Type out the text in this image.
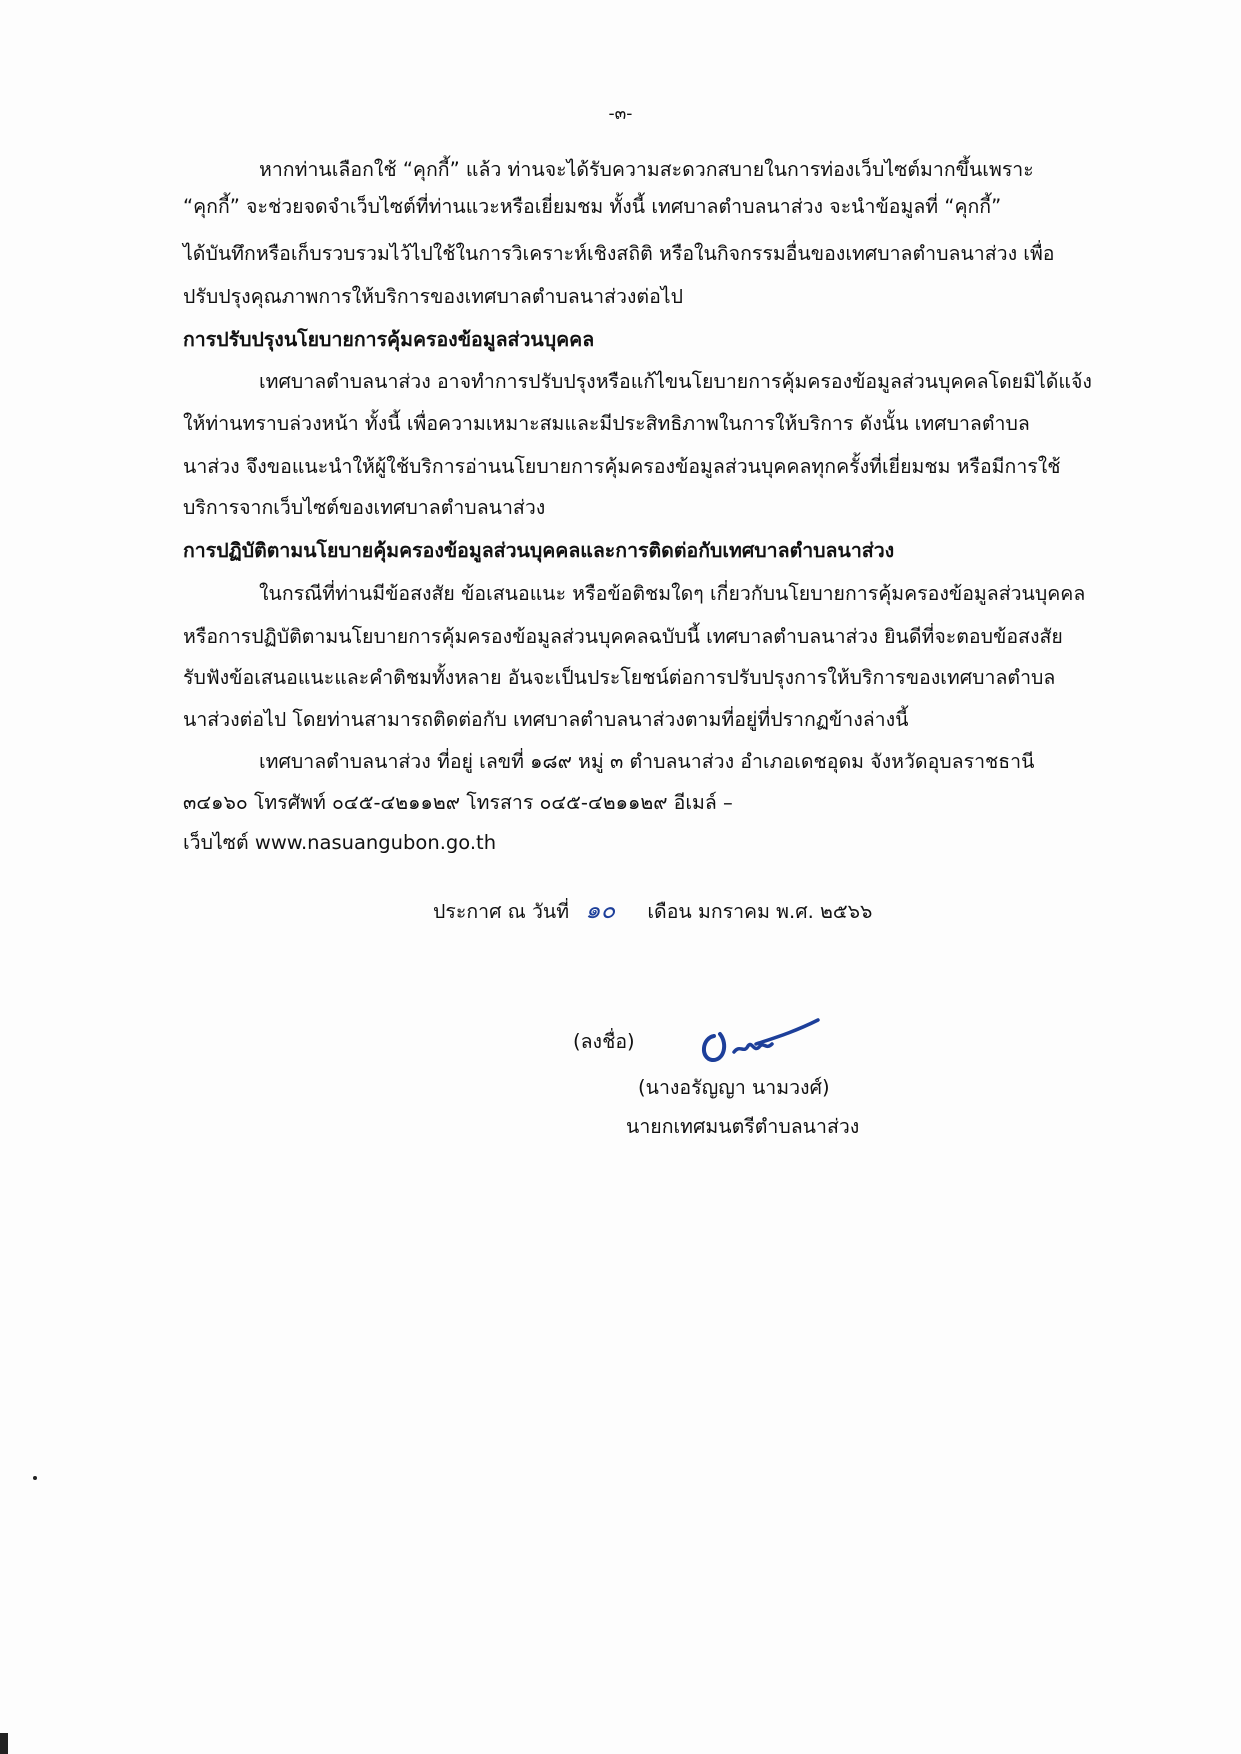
-๓-
หากท่านเลือกใช้ “คุกกี้” แล้ว ท่านจะได้รับความสะดวกสบายในการท่องเว็บไซต์มากขึ้นเพราะ
“คุกกี้” จะช่วยจดจำเว็บไซต์ที่ท่านแวะหรือเยี่ยมชม ทั้งนี้ เทศบาลตำบลนาส่วง จะนำข้อมูลที่ “คุกกี้”
ได้บันทึกหรือเก็บรวบรวมไว้ไปใช้ในการวิเคราะห์เชิงสถิติ หรือในกิจกรรมอื่นของเทศบาลตำบลนาส่วง เพื่อ
ปรับปรุงคุณภาพการให้บริการของเทศบาลตำบลนาส่วงต่อไป
การปรับปรุงนโยบายการคุ้มครองข้อมูลส่วนบุคคล
เทศบาลตำบลนาส่วง อาจทำการปรับปรุงหรือแก้ไขนโยบายการคุ้มครองข้อมูลส่วนบุคคลโดยมิได้แจ้ง
ให้ท่านทราบล่วงหน้า ทั้งนี้ เพื่อความเหมาะสมและมีประสิทธิภาพในการให้บริการ ดังนั้น เทศบาลตำบล
นาส่วง จึงขอแนะนำให้ผู้ใช้บริการอ่านนโยบายการคุ้มครองข้อมูลส่วนบุคคลทุกครั้งที่เยี่ยมชม หรือมีการใช้
บริการจากเว็บไซต์ของเทศบาลตำบลนาส่วง
การปฏิบัติตามนโยบายคุ้มครองข้อมูลส่วนบุคคลและการติดต่อกับเทศบาลตำบลนาส่วง
ในกรณีที่ท่านมีข้อสงสัย ข้อเสนอแนะ หรือข้อติชมใดๆ เกี่ยวกับนโยบายการคุ้มครองข้อมูลส่วนบุคคล
หรือการปฏิบัติตามนโยบายการคุ้มครองข้อมูลส่วนบุคคลฉบับนี้ เทศบาลตำบลนาส่วง ยินดีที่จะตอบข้อสงสัย
รับฟังข้อเสนอแนะและคำติชมทั้งหลาย อันจะเป็นประโยชน์ต่อการปรับปรุงการให้บริการของเทศบาลตำบล
นาส่วงต่อไป โดยท่านสามารถติดต่อกับ เทศบาลตำบลนาส่วงตามที่อยู่ที่ปรากฏข้างล่างนี้
เทศบาลตำบลนาส่วง ที่อยู่ เลขที่ ๑๘๙ หมู่ ๓ ตำบลนาส่วง อำเภอเดชอุดม จังหวัดอุบลราชธานี
๓๔๑๖๐ โทรศัพท์ ๐๔๕-๔๒๑๑๒๙ โทรสาร ๐๔๕-๔๒๑๑๒๙ อีเมล์ –
เว็บไซต์ www.nasuangubon.go.th
ประกาศ ณ วันที่ ๑๐ เดือน มกราคม พ.ศ. ๒๕๖๖
(ลงชื่อ)
(นางอรัญญา นามวงศ์)
นายกเทศมนตรีตำบลนาส่วง
